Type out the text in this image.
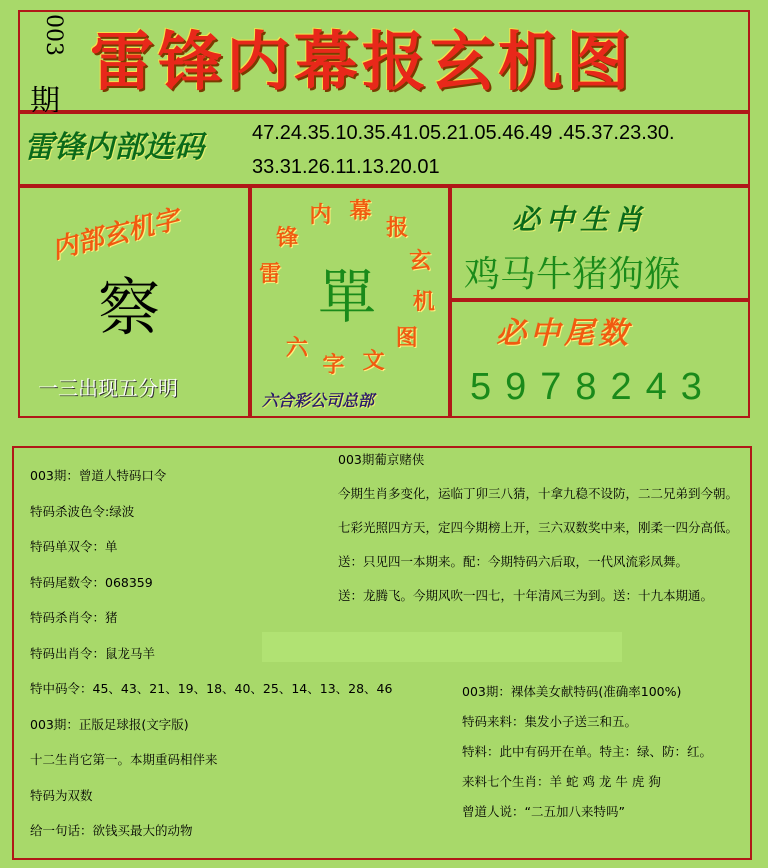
003
期
雷锋内幕报玄机图
雷锋内部选码 47.24.35.10.35.41.05.21.05.46.49 .45.37.23.30.
33.31.26.11.13.20.01
内部玄机字
察
一三出现五分明
雷
锋
内 幕
报
玄
机
图
文
字
六
單
六合彩公司总部
必中生肖
鸡马牛猪狗猴
必中尾数
5978243
003期：曾道人特码口令
特码杀波色令:绿波
特码单双令：单
特码尾数令：068359
特码杀肖令：猪
特码出肖令：鼠龙马羊
特中码令：45、43、21、19、18、40、25、14、13、28、46
003期：正版足球报(文字版)
十二生肖它第一。本期重码相伴来
特码为双数
给一句话：欲钱买最大的动物
003期葡京赌侠
今期生肖多变化，运临丁卯三八猜，十拿九稳不设防，二二兄弟到今朝。
七彩光照四方天，定四今期榜上开，三六双数奖中来，刚柔一四分高低。
送：只见四一本期来。配：今期特码六后取，一代风流彩凤舞。
送：龙腾飞。今期风吹一四七，十年清风三为到。送：十九本期通。
003期：裸体美女献特码(准确率100%)
特码来料：集发小子送三和五。
特料：此中有码开在单。特主：绿、防：红。
来料七个生肖：羊 蛇 鸡 龙 牛 虎 狗
曾道人说：“二五加八来特吗”
